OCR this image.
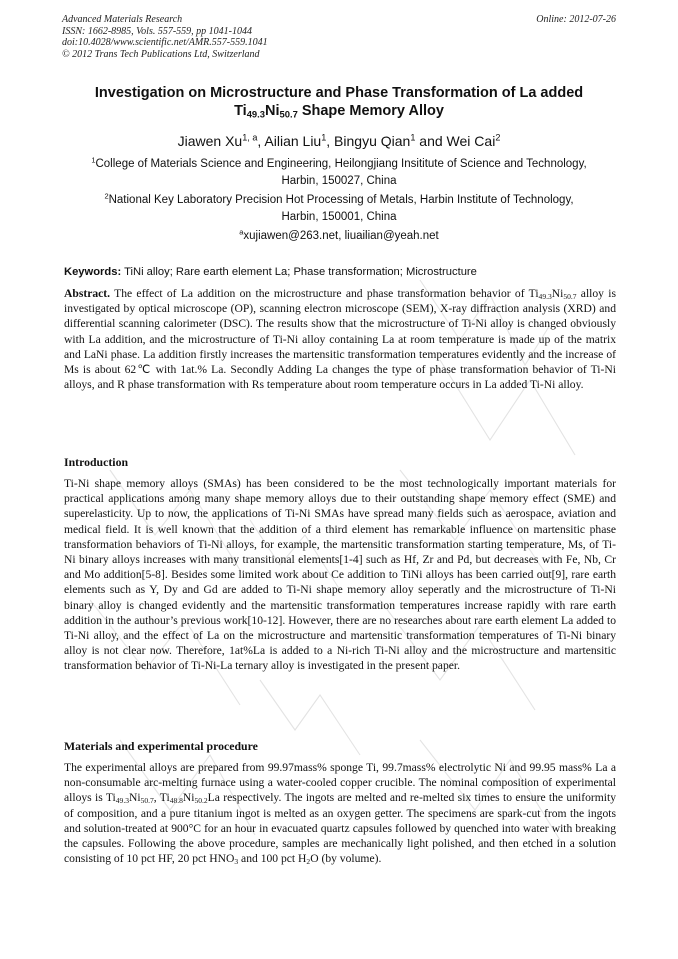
Advanced Materials Research
ISSN: 1662-8985, Vols. 557-559, pp 1041-1044
doi:10.4028/www.scientific.net/AMR.557-559.1041
© 2012 Trans Tech Publications Ltd, Switzerland
Online: 2012-07-26
Investigation on Microstructure and Phase Transformation of La added
$Ti_{49.3}Ni_{50.7}$ Shape Memory Alloy
Jiawen Xu$^{1, a}$, Ailian Liu$^1$, Bingyu Qian$^1$ and Wei Cai$^2$
$^1$College of Materials Science and Engineering, Heilongjiang Insititute of Science and Technology,
Harbin, 150027, China
$^2$National Key Laboratory Precision Hot Processing of Metals, Harbin Institute of Technology,
Harbin, 150001, China
$^a$xujiawen@263.net, liuailian@yeah.net
Keywords: TiNi alloy; Rare earth element La; Phase transformation; Microstructure
Abstract. The effect of La addition on the microstructure and phase transformation behavior of $Ti_{49.3}Ni_{50.7}$ alloy is investigated by optical microscope (OP), scanning electron microscope (SEM), X-ray diffraction analysis (XRD) and differential scanning calorimeter (DSC). The results show that the microstructure of Ti-Ni alloy is changed obviously with La addition, and the microstructure of Ti-Ni alloy containing La at room temperature is made up of the matrix and LaNi phase. La addition firstly increases the martensitic transformation temperatures evidently and the increase of Ms is about 62℃ with 1at.% La. Secondly Adding La changes the type of phase transformation behavior of Ti-Ni alloys, and R phase transformation with Rs temperature about room temperature occurs in La added Ti-Ni alloy.
Introduction
Ti-Ni shape memory alloys (SMAs) has been considered to be the most technologically important materials for practical applications among many shape memory alloys due to their outstanding shape memory effect (SME) and superelasticity. Up to now, the applications of Ti-Ni SMAs have spread many fields such as aerospace, aviation and medical field. It is well known that the addition of a third element has remarkable influence on martensitic phase transformation behaviors of Ti-Ni alloys, for example, the martensitic transformation starting temperature, Ms, of Ti-Ni binary alloys increases with many transitional elements[1-4] such as Hf, Zr and Pd, but decreases with Fe, Nb, Cr and Mo addition[5-8]. Besides some limited work about Ce addition to TiNi alloys has been carried out[9], rare earth elements such as Y, Dy and Gd are added to Ti-Ni shape memory alloy seperatly and the microstructure of Ti-Ni binary alloy is changed evidently and the martensitic transformation temperatures increase rapidly with rare earth addition in the authour’s previous work[10-12]. However, there are no researches about rare earth element La added to Ti-Ni alloy, and the effect of La on the microstructure and martensitic transformation temperatures of Ti-Ni binary alloy is not clear now. Therefore, 1at%La is added to a Ni-rich Ti-Ni alloy and the microstructure and martensitic transformation behavior of Ti-Ni-La ternary alloy is investigated in the present paper.
Materials and experimental procedure
The experimental alloys are prepared from 99.97mass% sponge Ti, 99.7mass% electrolytic Ni and 99.95 mass% La a non-consumable arc-melting furnace using a water-cooled copper crucible. The nominal composition of experimental alloys is $Ti_{49.3}Ni_{50.7}$, $Ti_{48.8}Ni_{50.2}La$ respectively. The ingots are melted and re-melted six times to ensure the uniformity of composition, and a pure titanium ingot is melted as an oxygen getter. The specimens are spark-cut from the ingots and solution-treated at 900°C for an hour in evacuated quartz capsules followed by quenched into water with breaking the capsules. Following the above procedure, samples are mechanically light polished, and then etched in a solution consisting of 10 pct HF, 20 pct $HNO_3$ and 100 pct $H_2O$ (by volume).
